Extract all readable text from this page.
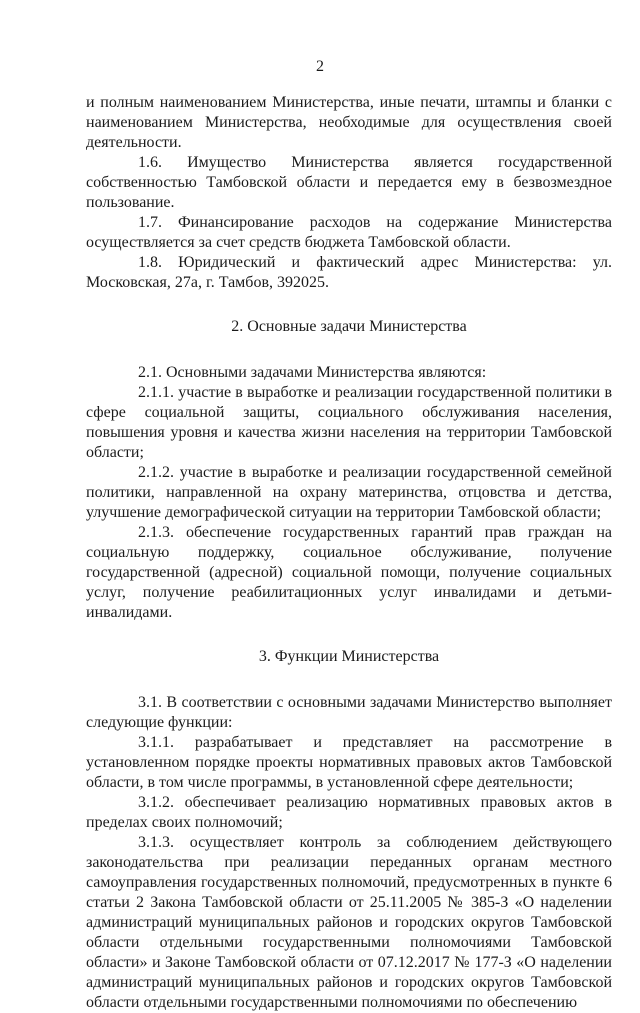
2

и полным наименованием Министерства, иные печати, штампы и бланки с наименованием Министерства, необходимые для осуществления своей деятельности.

1.6. Имущество Министерства является государственной собственностью Тамбовской области и передается ему в безвозмездное пользование.

1.7. Финансирование расходов на содержание Министерства осуществляется за счет средств бюджета Тамбовской области.

1.8. Юридический и фактический адрес Министерства: ул. Московская, 27а, г. Тамбов, 392025.

2. Основные задачи Министерства

2.1. Основными задачами Министерства являются:

2.1.1. участие в выработке и реализации государственной политики в сфере социальной защиты, социального обслуживания населения, повышения уровня и качества жизни населения на территории Тамбовской области;

2.1.2. участие в выработке и реализации государственной семейной политики, направленной на охрану материнства, отцовства и детства, улучшение демографической ситуации на территории Тамбовской области;

2.1.3. обеспечение государственных гарантий прав граждан на социальную поддержку, социальное обслуживание, получение государственной (адресной) социальной помощи, получение социальных услуг, получение реабилитационных услуг инвалидами и детьми-инвалидами.

3. Функции Министерства

3.1. В соответствии с основными задачами Министерство выполняет следующие функции:

3.1.1. разрабатывает и представляет на рассмотрение в установленном порядке проекты нормативных правовых актов Тамбовской области, в том числе программы, в установленной сфере деятельности;

3.1.2. обеспечивает реализацию нормативных правовых актов в пределах своих полномочий;

3.1.3. осуществляет контроль за соблюдением действующего законодательства при реализации переданных органам местного самоуправления государственных полномочий, предусмотренных в пункте 6 статьи 2 Закона Тамбовской области от 25.11.2005 № 385-З «О наделении администраций муниципальных районов и городских округов Тамбовской области отдельными государственными полномочиями Тамбовской области» и Законе Тамбовской области от 07.12.2017 № 177-З «О наделении администраций муниципальных районов и городских округов Тамбовской области отдельными государственными полномочиями по обеспечению
